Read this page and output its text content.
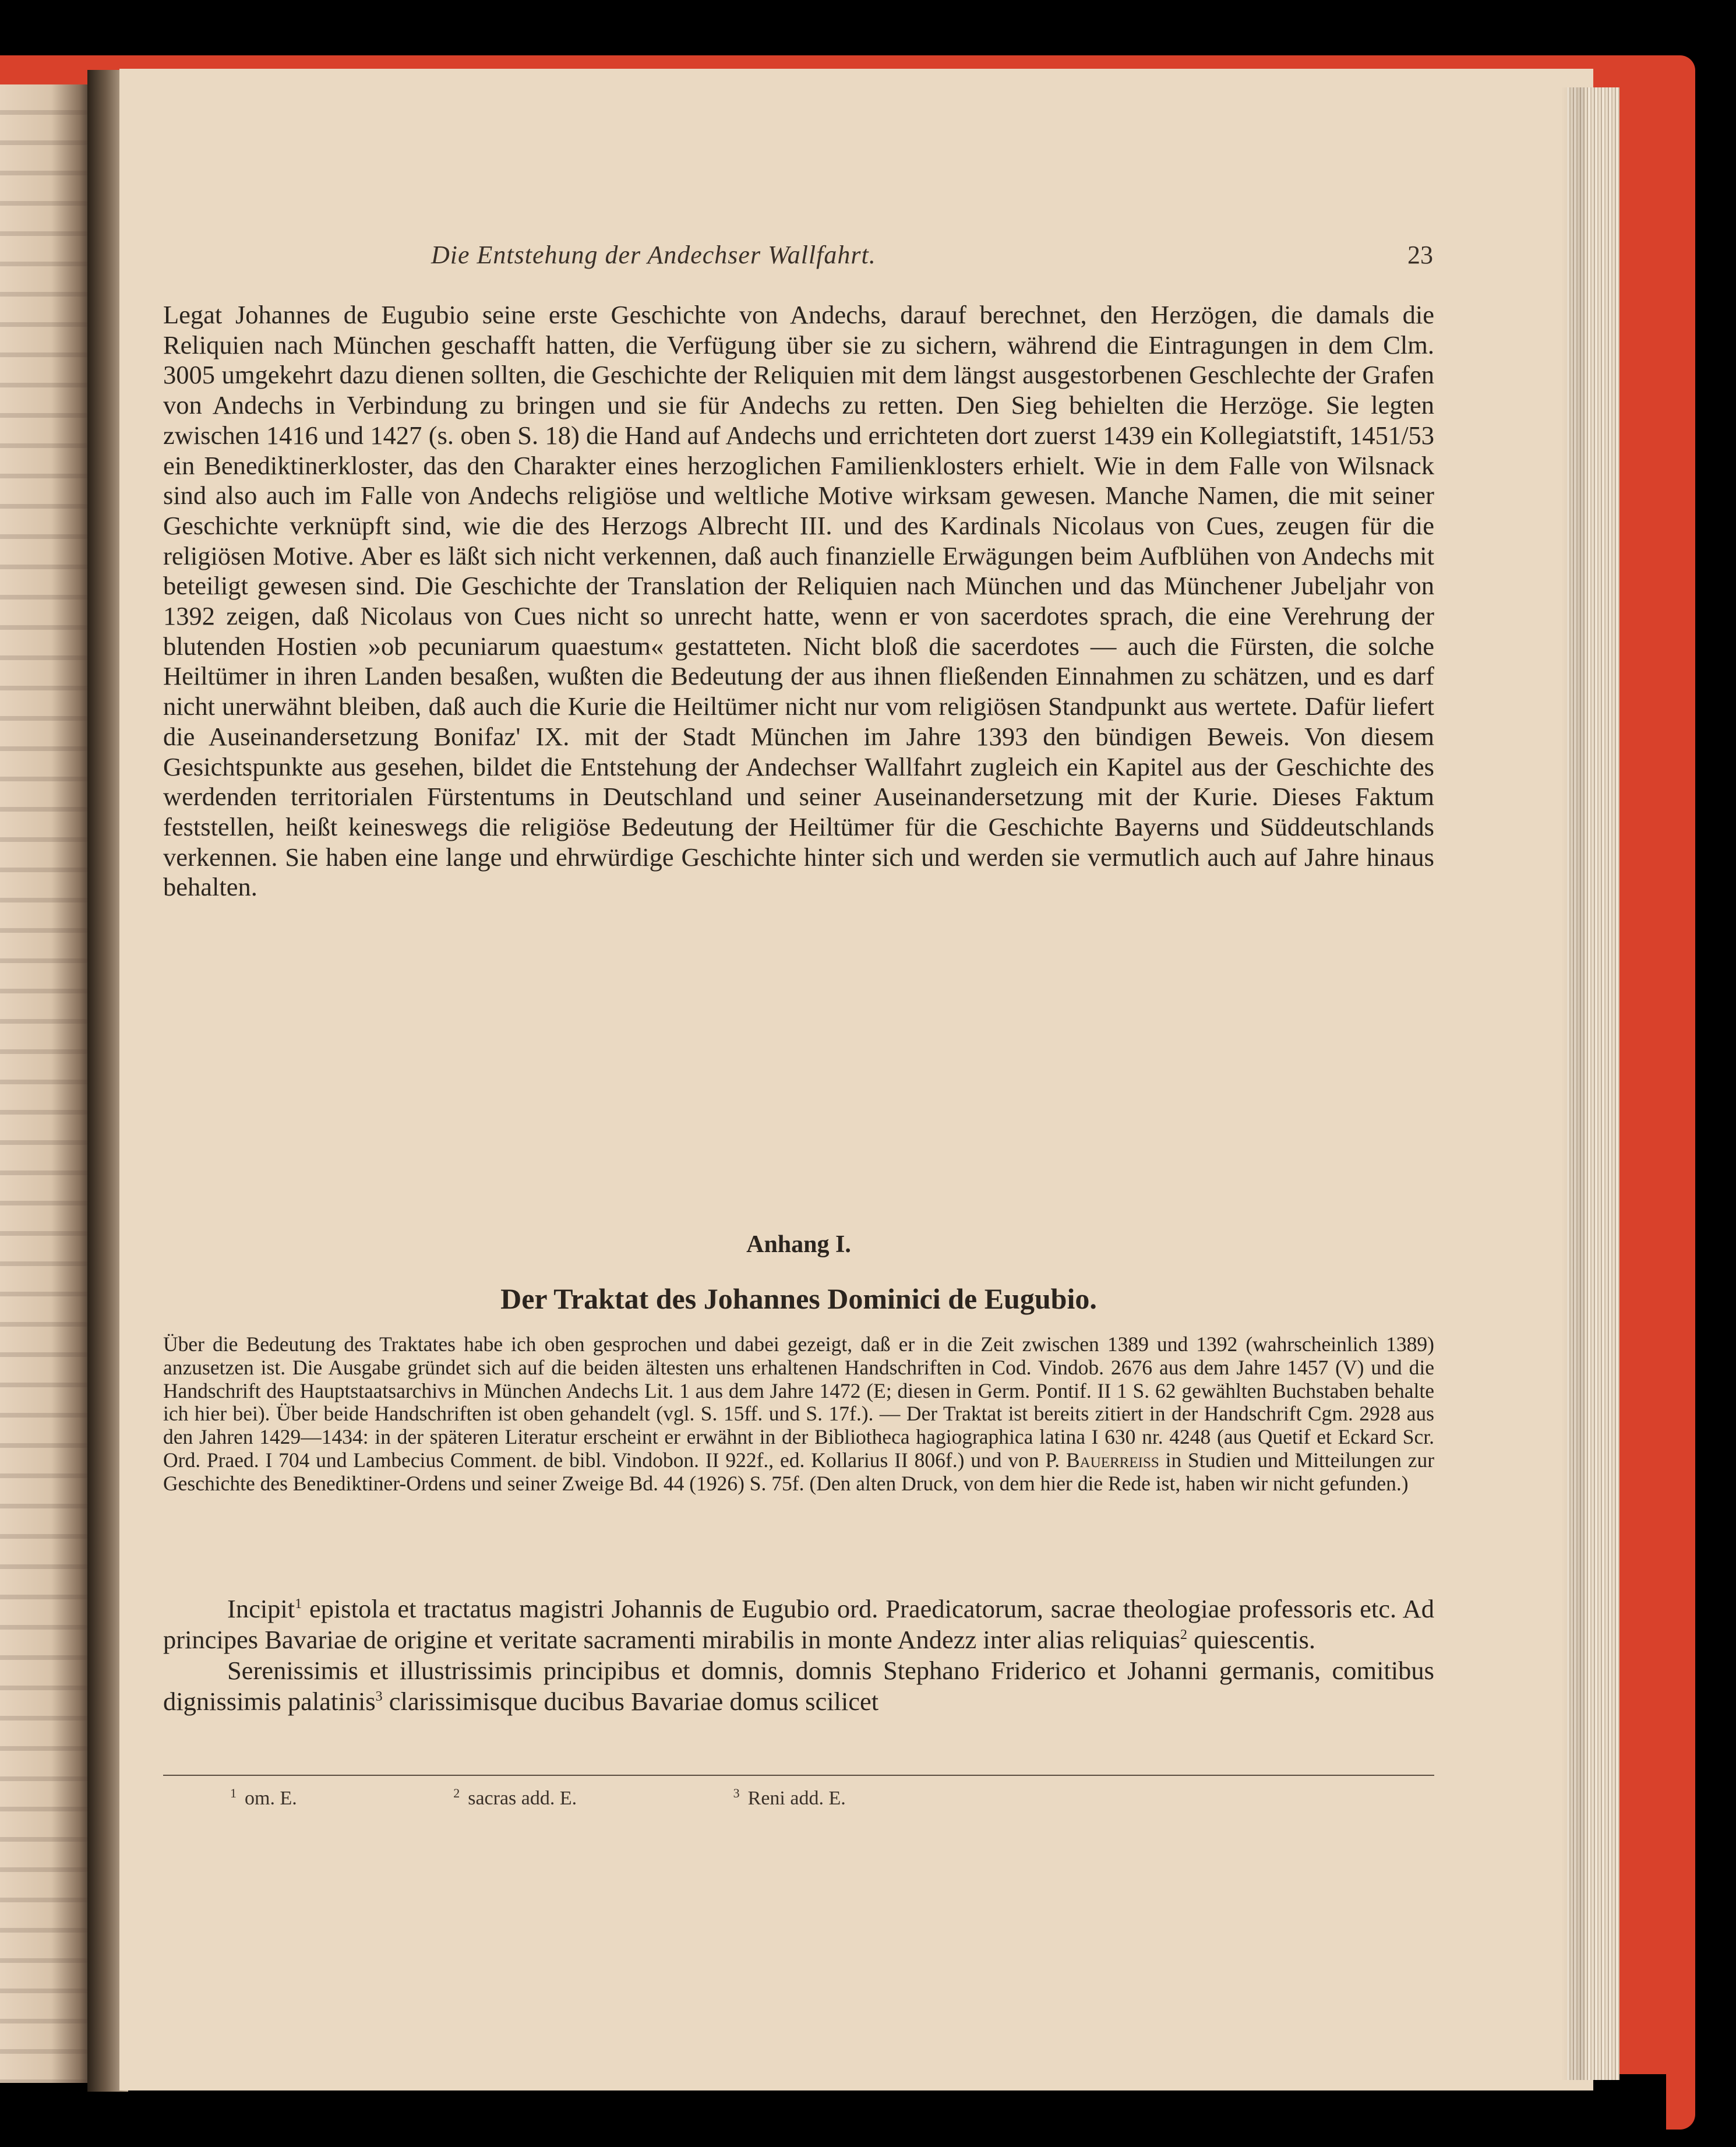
Die Entstehung der Andechser Wallfahrt.	23

Legat Johannes de Eugubio seine erste Geschichte von Andechs, darauf berechnet, den Herzögen, die damals die Reliquien nach München geschafft hatten, die Verfügung über sie zu sichern, während die Eintragungen in dem Clm. 3005 umgekehrt dazu dienen sollten, die Geschichte der Reliquien mit dem längst ausgestorbenen Geschlechte der Grafen von Andechs in Verbindung zu bringen und sie für Andechs zu retten. Den Sieg behielten die Herzöge. Sie legten zwischen 1416 und 1427 (s. oben S. 18) die Hand auf Andechs und errichteten dort zuerst 1439 ein Kollegiatstift, 1451/53 ein Benediktinerkloster, das den Charakter eines herzoglichen Familienklosters erhielt. Wie in dem Falle von Wilsnack sind also auch im Falle von Andechs religiöse und weltliche Motive wirksam gewesen. Manche Namen, die mit seiner Geschichte verknüpft sind, wie die des Herzogs Albrecht III. und des Kardinals Nicolaus von Cues, zeugen für die religiösen Motive. Aber es läßt sich nicht verkennen, daß auch finanzielle Erwägungen beim Aufblühen von Andechs mit beteiligt gewesen sind. Die Geschichte der Translation der Reliquien nach München und das Münchener Jubeljahr von 1392 zeigen, daß Nicolaus von Cues nicht so unrecht hatte, wenn er von sacerdotes sprach, die eine Verehrung der blutenden Hostien »ob pecuniarum quaestum« gestatteten. Nicht bloß die sacerdotes — auch die Fürsten, die solche Heiltümer in ihren Landen besaßen, wußten die Bedeutung der aus ihnen fließenden Einnahmen zu schätzen, und es darf nicht unerwähnt bleiben, daß auch die Kurie die Heiltümer nicht nur vom religiösen Standpunkt aus wertete. Dafür liefert die Auseinandersetzung Bonifaz' IX. mit der Stadt München im Jahre 1393 den bündigen Beweis. Von diesem Gesichtspunkte aus gesehen, bildet die Entstehung der Andechser Wallfahrt zugleich ein Kapitel aus der Geschichte des werdenden territorialen Fürstentums in Deutschland und seiner Auseinandersetzung mit der Kurie. Dieses Faktum feststellen, heißt keineswegs die religiöse Bedeutung der Heiltümer für die Geschichte Bayerns und Süddeutschlands verkennen. Sie haben eine lange und ehrwürdige Geschichte hinter sich und werden sie vermutlich auch auf Jahre hinaus behalten.

Anhang I.
Der Traktat des Johannes Dominici de Eugubio.

Über die Bedeutung des Traktates habe ich oben gesprochen und dabei gezeigt, daß er in die Zeit zwischen 1389 und 1392 (wahrscheinlich 1389) anzusetzen ist. Die Ausgabe gründet sich auf die beiden ältesten uns erhaltenen Handschriften in Cod. Vindob. 2676 aus dem Jahre 1457 (V) und die Handschrift des Hauptstaatsarchivs in München Andechs Lit. 1 aus dem Jahre 1472 (E; diesen in Germ. Pontif. II 1 S. 62 gewählten Buchstaben behalte ich hier bei). Über beide Handschriften ist oben gehandelt (vgl. S. 15ff. und S. 17f.). — Der Traktat ist bereits zitiert in der Handschrift Cgm. 2928 aus den Jahren 1429—1434: in der späteren Literatur erscheint er erwähnt in der Bibliotheca hagiographica latina I 630 nr. 4248 (aus Quetif et Eckard Scr. Ord. Praed. I 704 und Lambecius Comment. de bibl. Vindobon. II 922f., ed. Kollarius II 806f.) und von P. Bauerreiss in Studien und Mitteilungen zur Geschichte des Benediktiner-Ordens und seiner Zweige Bd. 44 (1926) S. 75f. (Den alten Druck, von dem hier die Rede ist, haben wir nicht gefunden.)

Incipit$^1$ epistola et tractatus magistri Johannis de Eugubio ord. Praedicatorum, sacrae theologiae professoris etc. Ad principes Bavariae de origine et veritate sacramenti mirabilis in monte Andezz inter alias reliquias$^2$ quiescentis.

Serenissimis et illustrissimis principibus et domnis, domnis Stephano Friderico et Johanni germanis, comitibus dignissimis palatinis$^3$ clarissimisque ducibus Bavariae domus scilicet

$^1$ om. E.	$^2$ sacras add. E.	$^3$ Reni add. E.
